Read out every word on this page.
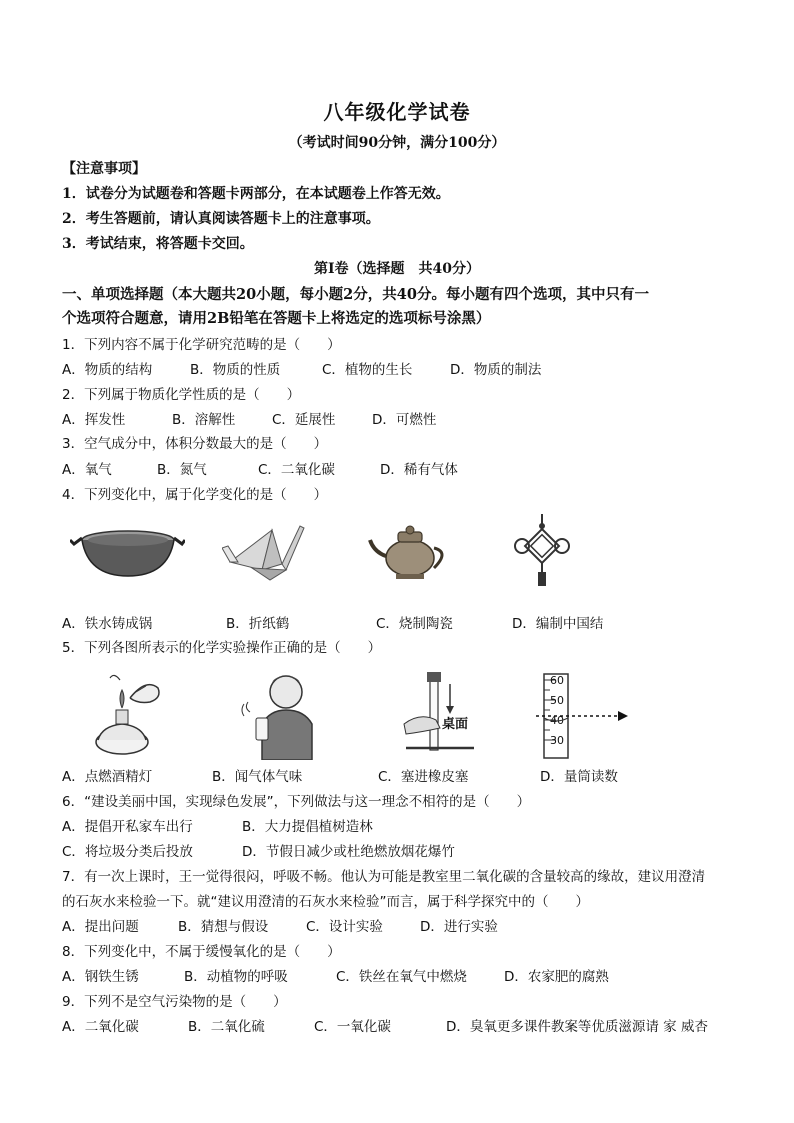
八年级化学试卷
（考试时间90分钟，满分100分）
【注意事项】
1．试卷分为试题卷和答题卡两部分，在本试题卷上作答无效。
2．考生答题前，请认真阅读答题卡上的注意事项。
3．考试结束，将答题卡交回。
第Ⅰ卷（选择题　共40分）
一、单项选择题（本大题共20小题，每小题2分，共40分。每小题有四个选项，其中只有一
个选项符合题意，请用2B铅笔在答题卡上将选定的选项标号涂黑）
1．下列内容不属于化学研究范畴的是（　　）
A．物质的结构	B．物质的性质	C．植物的生长	D．物质的制法
2．下列属于物质化学性质的是（　　）
A．挥发性	B．溶解性	C．延展性	D．可燃性
3．空气成分中，体积分数最大的是（　　）
A．氧气	B．氮气	C．二氧化碳	D．稀有气体
4．下列变化中，属于化学变化的是（　　）
A．铁水铸成锅	B．折纸鹤	C．烧制陶瓷	D．编制中国结
5．下列各图所表示的化学实验操作正确的是（　　）
桌面
60
50
40
30
A．点燃酒精灯	B．闻气体气味	C．塞进橡皮塞	D．量筒读数
6．“建设美丽中国，实现绿色发展”，下列做法与这一理念不相符的是（　　）
A．提倡开私家车出行	B．大力提倡植树造林
C．将垃圾分类后投放	D．节假日减少或杜绝燃放烟花爆竹
7．有一次上课时，王一觉得很闷，呼吸不畅。他认为可能是教室里二氧化碳的含量较高的缘故，建议用澄清
的石灰水来检验一下。就“建议用澄清的石灰水来检验”而言，属于科学探究中的（　　）
A．提出问题	B．猜想与假设	C．设计实验	D．进行实验
8．下列变化中，不属于缓慢氧化的是（　　）
A．钢铁生锈	B．动植物的呼吸	C．铁丝在氧气中燃烧	D．农家肥的腐熟
9．下列不是空气污染物的是（　　）
A．二氧化碳	B．二氧化硫	C．一氧化碳	D．臭氧更多课件教案等优质滋源请 家 威杏
